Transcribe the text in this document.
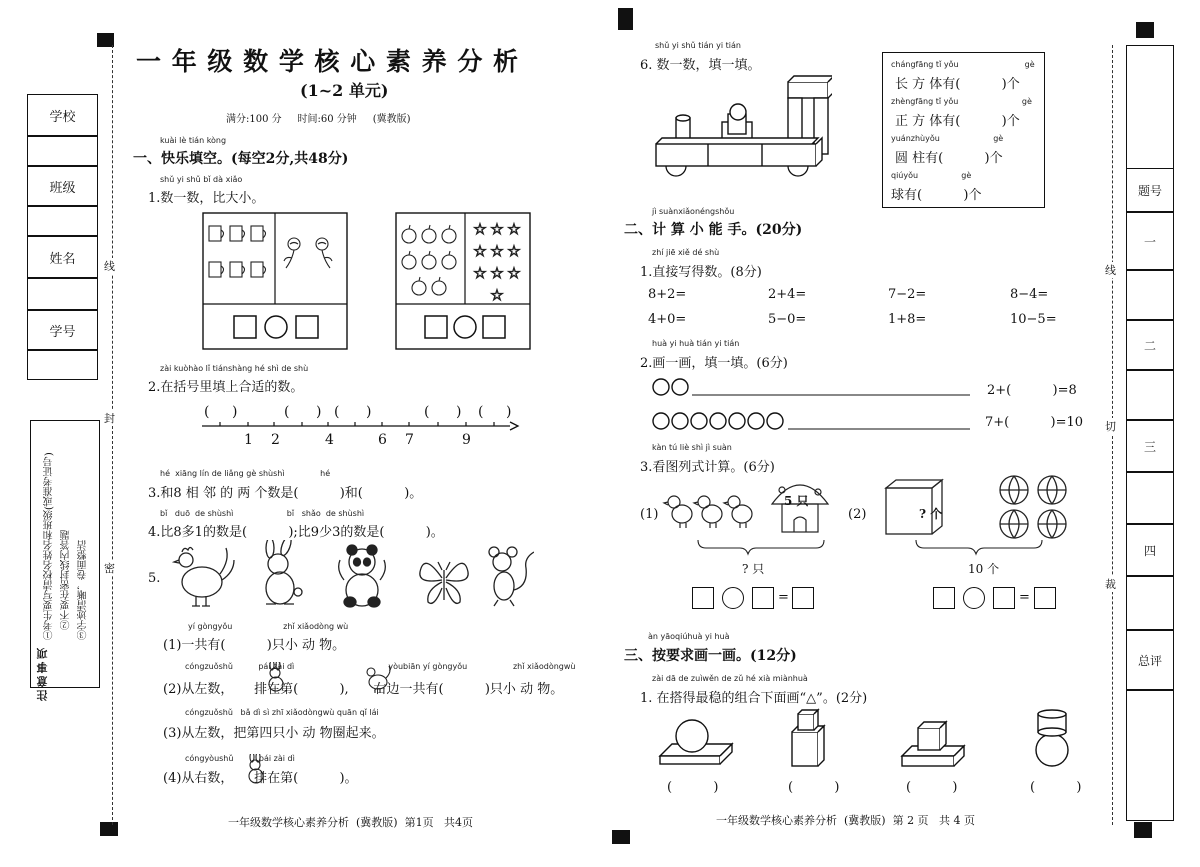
学校
班级
姓名
学号
注意事项
①考生要写清校名姓名和班级(或准考证号) ②不要在密封线内答题 ③字迹清晰，卷面整洁
线
封
密
线
切
裁
题号
一
二
三
四
总评
一 年 级 数 学 核 心 素 养 分 析
(1~2 单元)
满分:100 分     时间:60 分钟     (冀教版)
kuài lè tián kòng
一、快乐填空。(每空2分,共48分)
shǔ yi shǔ bǐ dà xiǎo
1.数一数，比大小。
☆ ☆ ☆
☆ ☆ ☆
☆ ☆ ☆
☆
zài kuòhào lǐ tiánshàng hé shì de shù
2.在括号里填上合适的数。
( )	( ) ( )	( ) ( )
1 2	4	6 7	9
hé  xiāng lín de liǎng gè shùshì              hé
3.和8 相 邻 的 两 个数是(          )和(          )。
bǐ   duō  de shùshì                     bǐ   shǎo  de shùshì
4.比8多1的数是(          );比9少3的数是(          )。
5.
yí gòngyǒu                    zhǐ xiǎodòng wù
(1)一共有(          )只小 动 物。
cóngzuǒshǔ          pái zài dì                                     yòubiān yí gòngyǒu                  zhǐ xiǎodòngwù
(2)从左数，     排在第(          ),      右边一共有(          )只小 动 物。
cóngzuǒshǔ   bǎ dì sì zhī xiǎodòngwù quān qǐ lái
(3)从左数，把第四只小 动 物圈起来。
cóngyòushǔ          pái zài dì
(4)从右数，     排在第(          )。
一年级数学核心素养分析  (冀教版)  第1页   共4页
shǔ yi shǔ tián yi tián
6. 数一数，填一填。	chángfāng tǐ yǒu                          gè
长 方 体有(          )个
zhèngfāng tǐ yǒu                         gè
正 方 体有(          )个
yuánzhùyǒu                     gè
圆 柱有(          )个
qiúyǒu                 gè
球有(          )个
jì suànxiǎonéngshǒu
二、计 算 小 能 手。(20分)
zhí jiē xiě dé shù
1.直接写得数。(8分)
8+2=	2+4=	7−2=	8−4=
4+0=	5−0=	1+8=	10−5=
huà yi huà tián yi tián
2.画一画，填一填。(6分)
2+(          )=8
7+(          )=10
kàn tú liè shì jì suàn
3.看图列式计算。(6分)
(1)
5 只
? 只
(2)	? 个
10 个
=	=
àn yāoqiúhuà yi huà
三、按要求画一画。(12分)
zài dā de zuìwěn de zǔ hé xià miànhuà
1. 在搭得最稳的组合下面画“△”。(2分)
(          )	(          )	(          )	(          )
一年级数学核心素养分析  (冀教版)  第 2 页   共 4 页
